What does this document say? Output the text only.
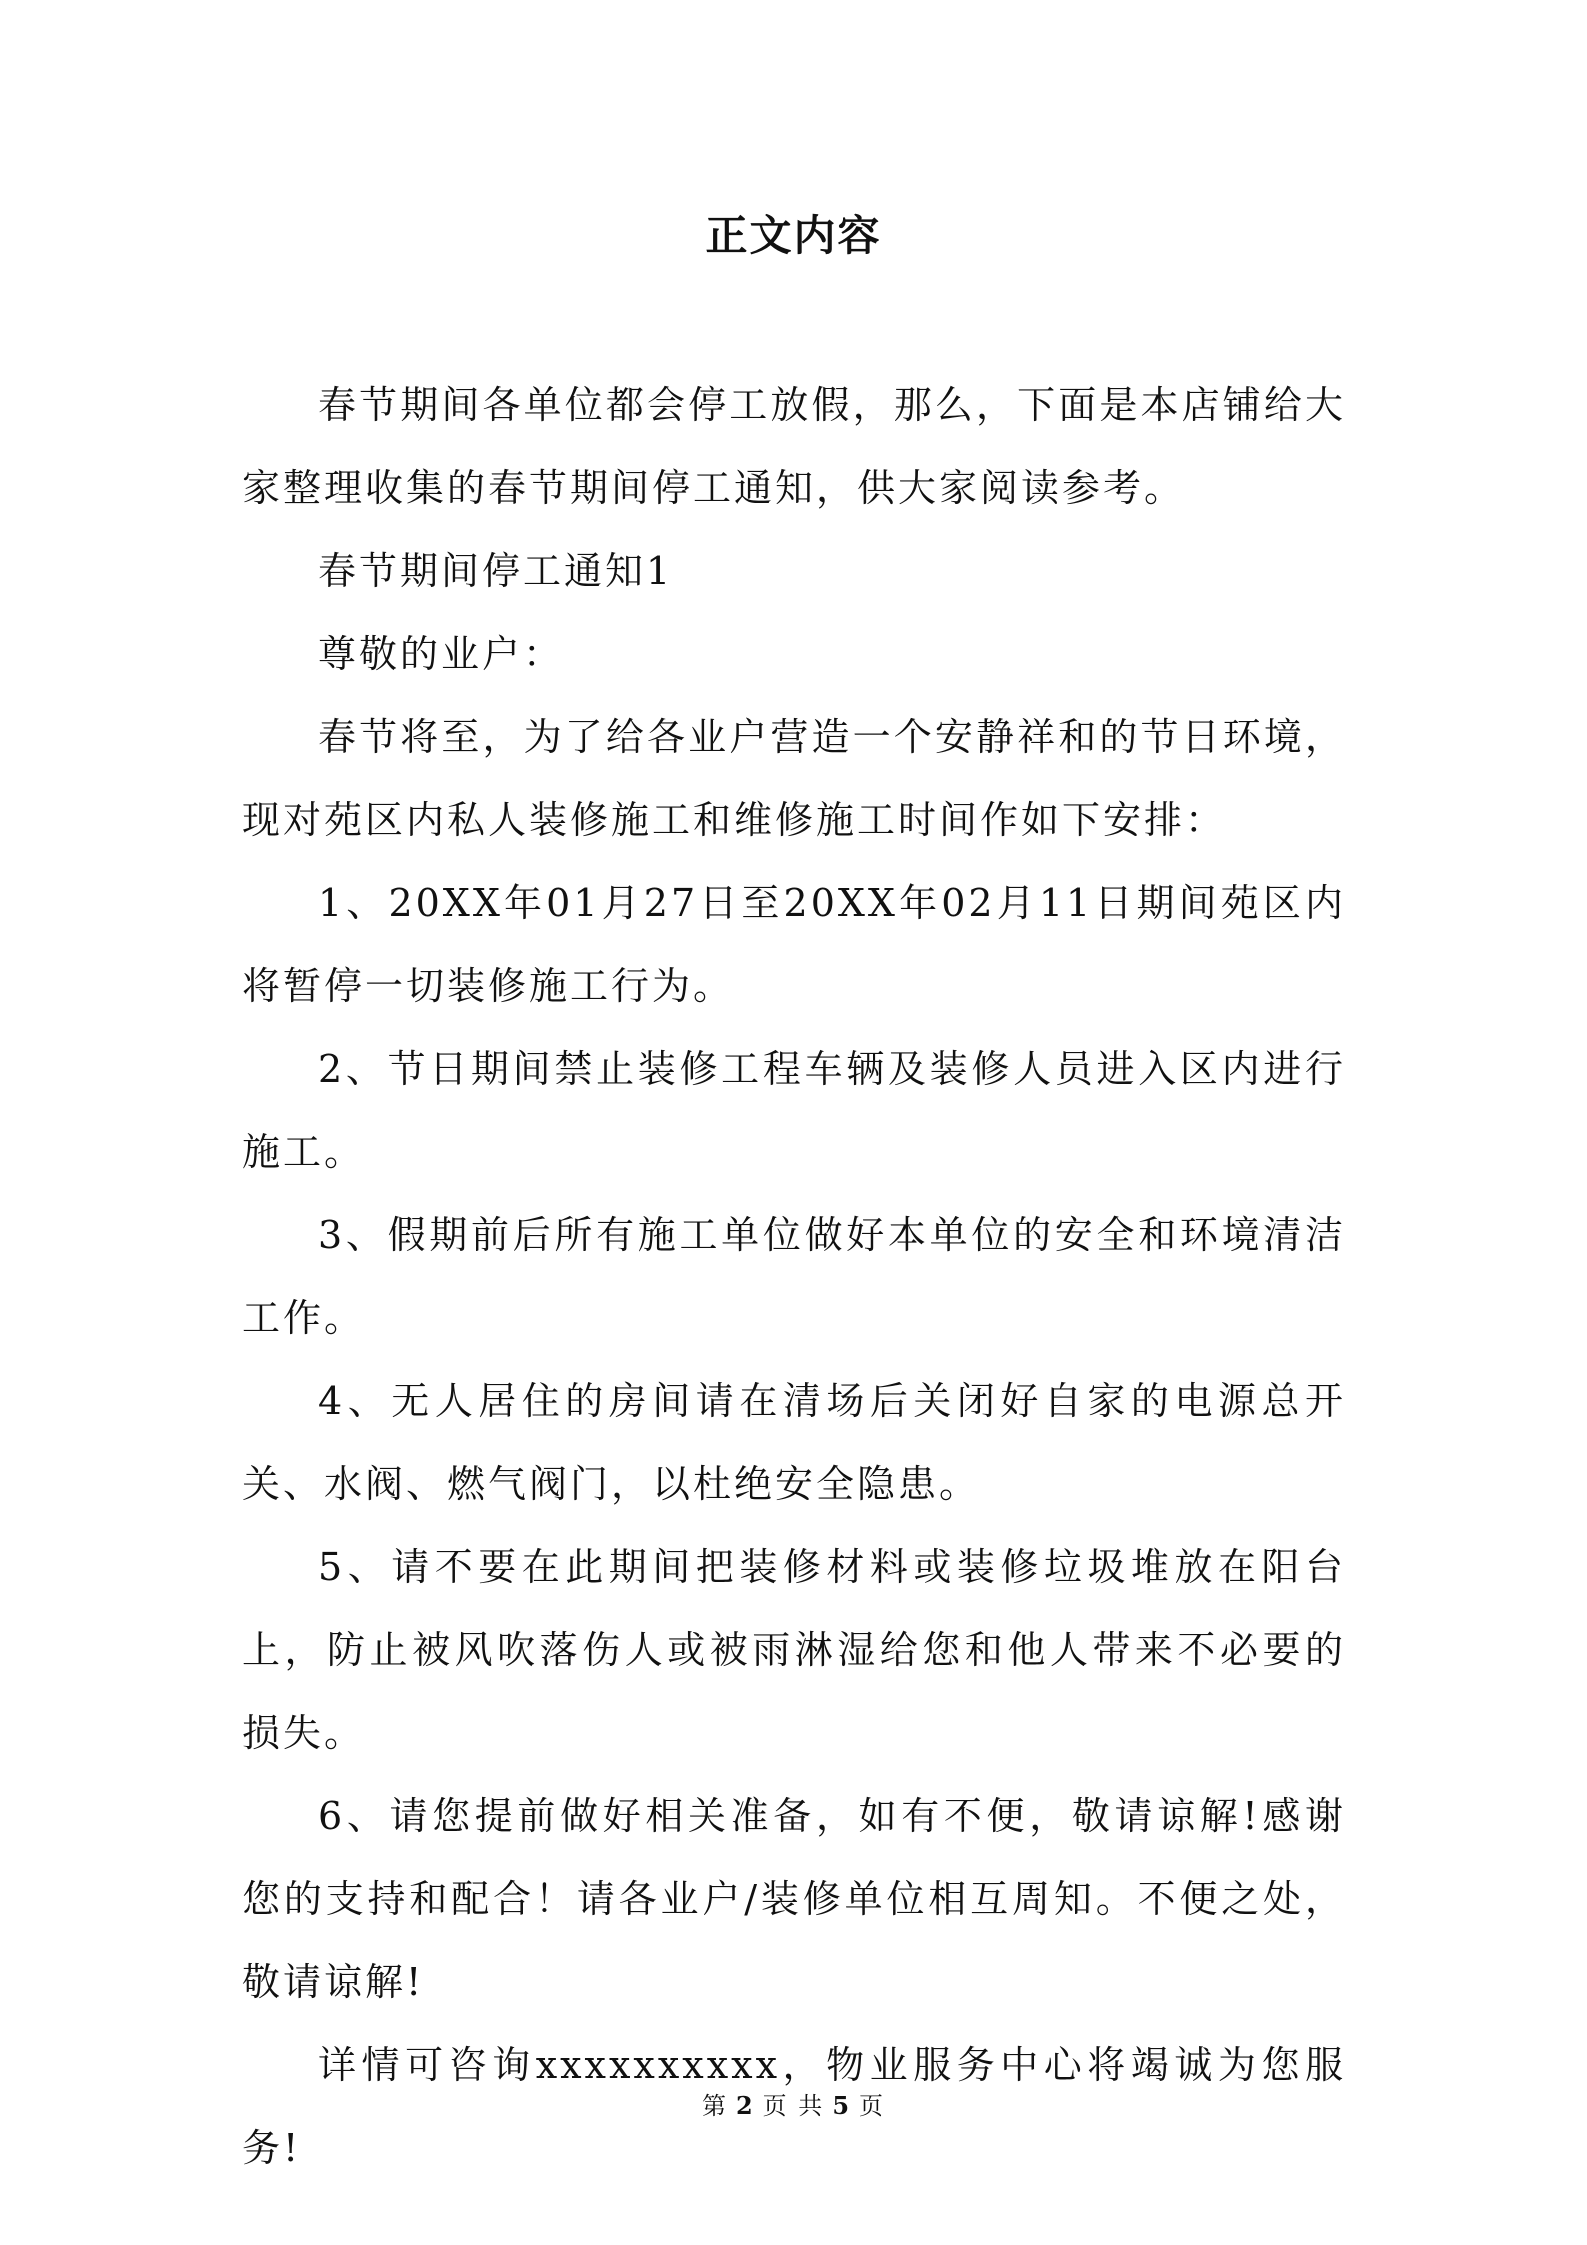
正文内容

春节期间各单位都会停工放假，那么，下面是本店铺给大家整理收集的春节期间停工通知，供大家阅读参考。

春节期间停工通知1

尊敬的业户：

春节将至，为了给各业户营造一个安静祥和的节日环境，现对苑区内私人装修施工和维修施工时间作如下安排：

1、20XX年01月27日至20XX年02月11日期间苑区内将暂停一切装修施工行为。

2、节日期间禁止装修工程车辆及装修人员进入区内进行施工。

3、假期前后所有施工单位做好本单位的安全和环境清洁工作。

4、无人居住的房间请在清场后关闭好自家的电源总开关、水阀、燃气阀门，以杜绝安全隐患。

5、请不要在此期间把装修材料或装修垃圾堆放在阳台上，防止被风吹落伤人或被雨淋湿给您和他人带来不必要的损失。

6、请您提前做好相关准备，如有不便，敬请谅解!感谢您的支持和配合！请各业户/装修单位相互周知。不便之处，敬请谅解!

详情可咨询xxxxxxxxxx，物业服务中心将竭诚为您服务!

第 2 页 共 5 页
